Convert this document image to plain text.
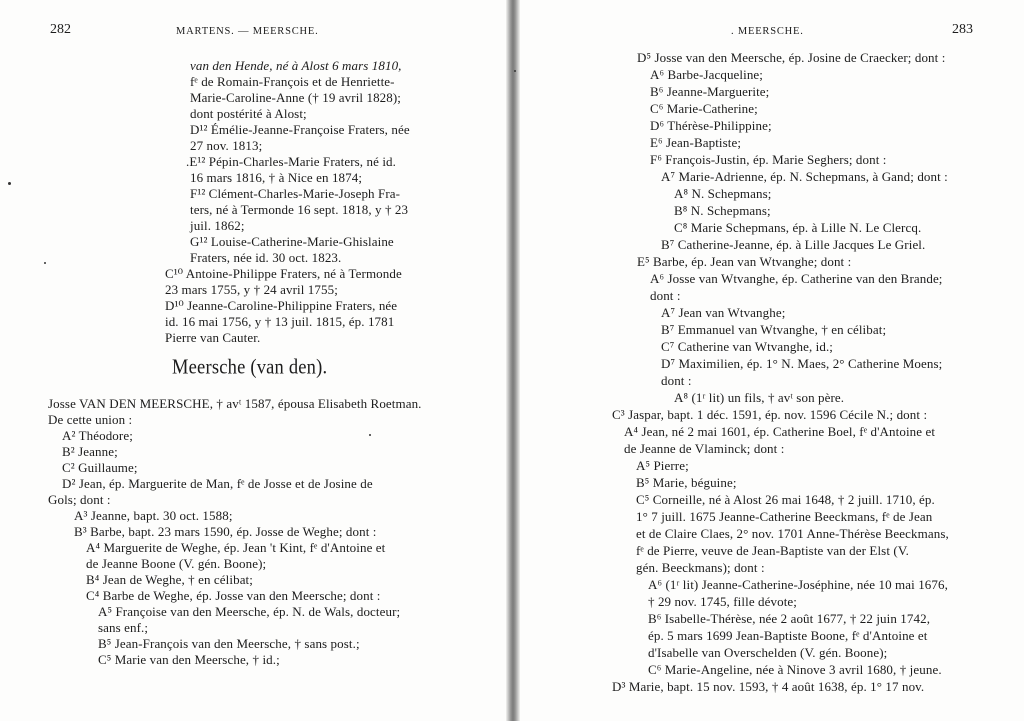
282	MARTENS. — MEERSCHE.
van den Hende, né à Alost 6 mars 1810,
fᵉ de Romain-François et de Henriette-
Marie-Caroline-Anne († 19 avril 1828);
dont postérité à Alost;
D¹² Émélie-Jeanne-Françoise Fraters, née
27 nov. 1813;
.E¹² Pépin-Charles-Marie Fraters, né id.
16 mars 1816, † à Nice en 1874;
F¹² Clément-Charles-Marie-Joseph Fra-
ters, né à Termonde 16 sept. 1818, y † 23
juil. 1862;
G¹² Louise-Catherine-Marie-Ghislaine
Fraters, née id. 30 oct. 1823.
C¹⁰ Antoine-Philippe Fraters, né à Termonde
23 mars 1755, y † 24 avril 1755;
D¹⁰ Jeanne-Caroline-Philippine Fraters, née
id. 16 mai 1756, y † 13 juil. 1815, ép. 1781
Pierre van Cauter.
Meersche (van den).
Josse VAN DEN MEERSCHE, † avᵗ 1587, épousa Elisabeth Roetman.
De cette union :
A² Théodore;
B² Jeanne;
C² Guillaume;
D² Jean, ép. Marguerite de Man, fᵉ de Josse et de Josine de
Gols; dont :
A³ Jeanne, bapt. 30 oct. 1588;
B³ Barbe, bapt. 23 mars 1590, ép. Josse de Weghe; dont :
A⁴ Marguerite de Weghe, ép. Jean 't Kint, fᵉ d'Antoine et
de Jeanne Boone (V. gén. Boone);
B⁴ Jean de Weghe, † en célibat;
C⁴ Barbe de Weghe, ép. Josse van den Meersche; dont :
A⁵ Françoise van den Meersche, ép. N. de Wals, docteur;
sans enf.;
B⁵ Jean-François van den Meersche, † sans post.;
C⁵ Marie van den Meersche, † id.;
. MEERSCHE.	283
D⁵ Josse van den Meersche, ép. Josine de Craecker; dont :
A⁶ Barbe-Jacqueline;
B⁶ Jeanne-Marguerite;
C⁶ Marie-Catherine;
D⁶ Thérèse-Philippine;
E⁶ Jean-Baptiste;
F⁶ François-Justin, ép. Marie Seghers; dont :
A⁷ Marie-Adrienne, ép. N. Schepmans, à Gand; dont :
A⁸ N. Schepmans;
B⁸ N. Schepmans;
C⁸ Marie Schepmans, ép. à Lille N. Le Clercq.
B⁷ Catherine-Jeanne, ép. à Lille Jacques Le Griel.
E⁵ Barbe, ép. Jean van Wtvanghe; dont :
A⁶ Josse van Wtvanghe, ép. Catherine van den Brande;
dont :
A⁷ Jean van Wtvanghe;
B⁷ Emmanuel van Wtvanghe, † en célibat;
C⁷ Catherine van Wtvanghe, id.;
D⁷ Maximilien, ép. 1° N. Maes, 2° Catherine Moens;
dont :
A⁸ (1ʳ lit) un fils, † avᵗ son père.
C³ Jaspar, bapt. 1 déc. 1591, ép. nov. 1596 Cécile N.; dont :
A⁴ Jean, né 2 mai 1601, ép. Catherine Boel, fᵉ d'Antoine et
de Jeanne de Vlaminck; dont :
A⁵ Pierre;
B⁵ Marie, béguine;
C⁵ Corneille, né à Alost 26 mai 1648, † 2 juill. 1710, ép.
1° 7 juill. 1675 Jeanne-Catherine Beeckmans, fᵉ de Jean
et de Claire Claes, 2° nov. 1701 Anne-Thérèse Beeckmans,
fᵉ de Pierre, veuve de Jean-Baptiste van der Elst (V.
gén. Beeckmans); dont :
A⁶ (1ʳ lit) Jeanne-Catherine-Joséphine, née 10 mai 1676,
† 29 nov. 1745, fille dévote;
B⁶ Isabelle-Thérèse, née 2 août 1677, † 22 juin 1742,
ép. 5 mars 1699 Jean-Baptiste Boone, fᵉ d'Antoine et
d'Isabelle van Overschelden (V. gén. Boone);
C⁶ Marie-Angeline, née à Ninove 3 avril 1680, † jeune.
D³ Marie, bapt. 15 nov. 1593, † 4 août 1638, ép. 1° 17 nov.
